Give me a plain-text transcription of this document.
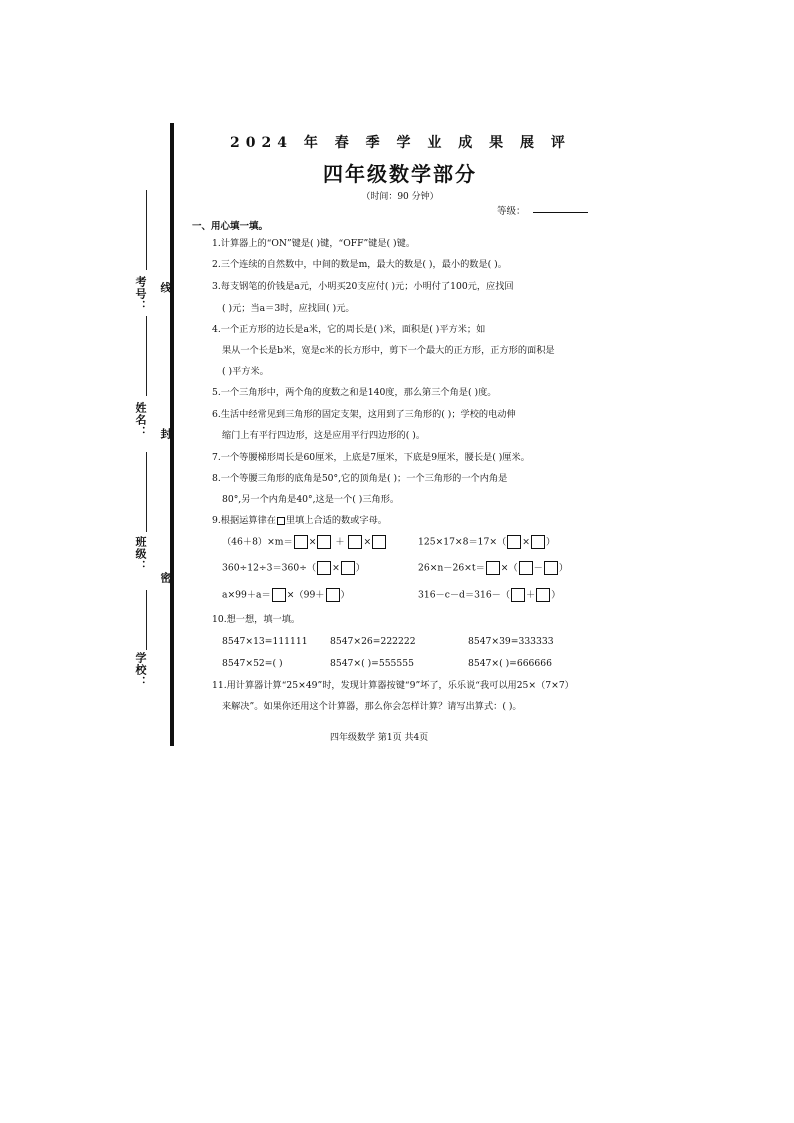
考号： 线
姓名： 封
班级：
密
学校：
2024 年 春 季 学 业 成 果 展 评
四年级数学部分
（时间：90 分钟）
等级：
一、用心填一填。
1.计算器上的“ON”键是( )键，“OFF”键是( )键。
2.三个连续的自然数中，中间的数是m，最大的数是( )，最小的数是( )。
3.每支钢笔的价钱是a元，小明买20支应付( )元；小明付了100元，应找回
( )元；当a＝3时，应找回( )元。
4.一个正方形的边长是a米，它的周长是( )米，面积是( )平方米；如
果从一个长是b米，宽是c米的长方形中，剪下一个最大的正方形，正方形的面积是
( )平方米。
5.一个三角形中，两个角的度数之和是140度，那么第三个角是( )度。
6.生活中经常见到三角形的固定支架，这用到了三角形的( )；学校的电动伸
缩门上有平行四边形，这是应用平行四边形的( )。
7.一个等腰梯形周长是60厘米，上底是7厘米，下底是9厘米，腰长是( )厘米。
8.一个等腰三角形的底角是50°,它的顶角是( )；一个三角形的一个内角是
80°,另一个内角是40°,这是一个( )三角形。
9.根据运算律在 里填上合适的数或字母。
（46＋8）×m＝ × ＋ ×	125×17×8＝17×（ × ）
360÷12÷3＝360÷（ × ）	26×n－26×t＝ ×（ － ）
a×99＋a＝ ×（99＋ ）	316－c－d＝316－（ ＋ ）
10.想一想，填一填。
8547×13=111111 8547×26=222222	8547×39=333333
8547×52=( )	8547×( )=555555	8547×( )=666666
11.用计算器计算“25×49”时，发现计算器按键“9”坏了，乐乐说“我可以用25×（7×7）
来解决”。如果你还用这个计算器，那么你会怎样计算？请写出算式：( )。
四年级数学 第1页 共4页
